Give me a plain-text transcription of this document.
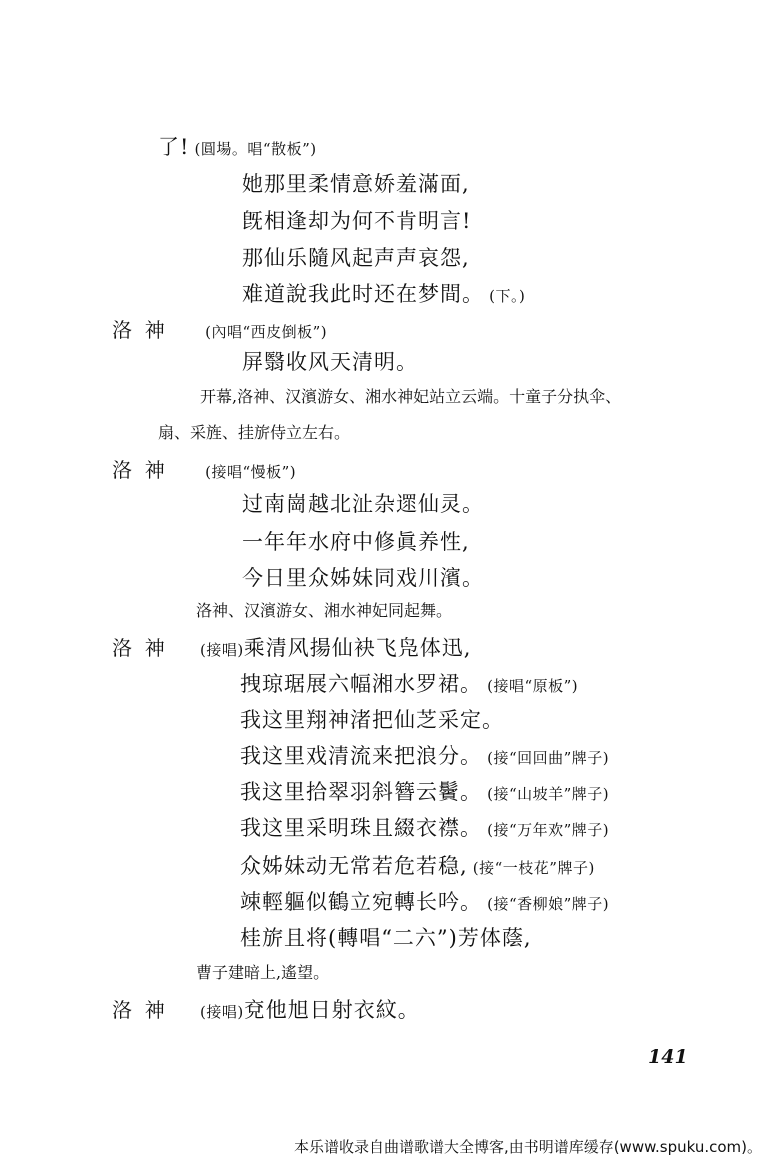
了! (圓場。唱“散板”)
她那里柔情意娇羞滿面,
旣相逢却为何不肯明言!
那仙乐隨风起声声哀怨,
难道說我此时还在梦間。 (下。)
洛  神	(內唱“西皮倒板”)
屏翳收风天清明。
开幕,洛神、汉濱游女、湘水神妃站立云端。十童子分执伞、
扇、采旌、挂旂侍立左右。
洛  神	(接唱“慢板”)
过南崗越北沚杂遝仙灵。
一年年水府中修眞养性,
今日里众姊妹同戏川濱。
洛神、汉濱游女、湘水神妃同起舞。
洛  神 (接唱)乘清风揚仙袂飞凫体迅,
拽琼琚展六幅湘水罗裙。 (接唱“原板”)
我这里翔神渚把仙芝采定。
我这里戏清流来把浪分。 (接“回回曲”牌子)
我这里拾翠羽斜簪云鬢。 (接“山坡羊”牌子)
我这里采明珠且綴衣襟。 (接“万年欢”牌子)
众姊妹动无常若危若稳, (接“一枝花”牌子)
竦輕軀似鶴立宛轉长吟。 (接“香柳娘”牌子)
桂旂且将(轉唱“二六”)芳体蔭,
曹子建暗上,遙望。
洛  神 (接唱)兗他旭日射衣紋。
141
本乐谱收录自曲谱歌谱大全博客,由书明谱库缓存(www.spuku.com)。
